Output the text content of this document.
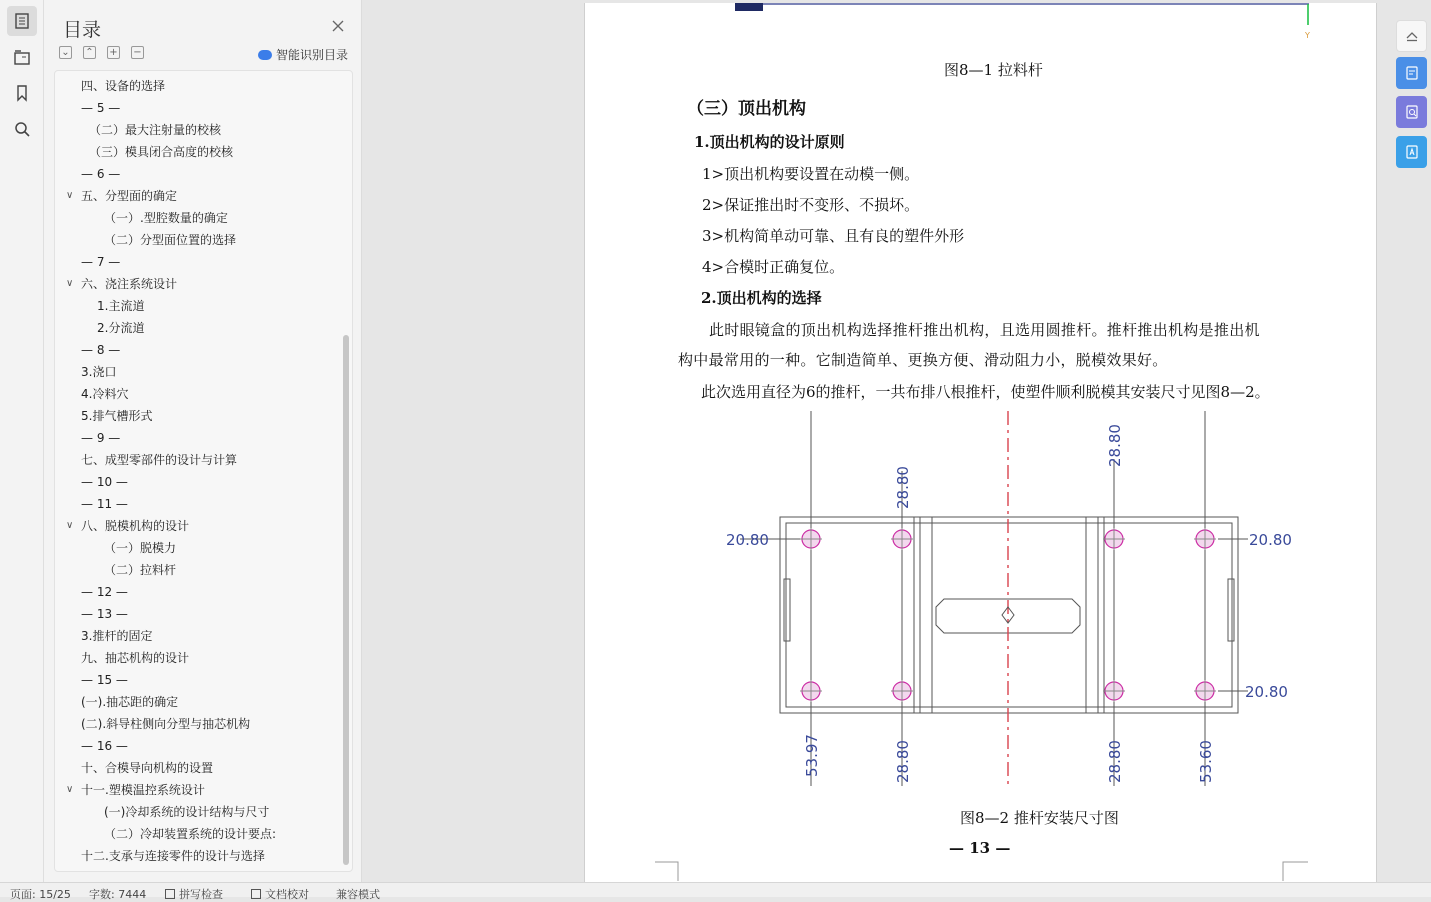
目录
⌄ ⌃ + −	智能识别目录
四、设备的选择
— 5 —
（二）最大注射量的校核
（三）模具闭合高度的校核
— 6 —
∨ 五、分型面的确定
（一）.型腔数量的确定
（二）分型面位置的选择
— 7 —
∨ 六、浇注系统设计
1.主流道
2.分流道
— 8 —
3.浇口
4.冷料穴
5.排气槽形式
— 9 —
七、成型零部件的设计与计算
— 10 —
— 11 —
∨ 八、脱模机构的设计
（一）脱模力
（二）拉料杆
— 12 —
— 13 —
3.推杆的固定
九、抽芯机构的设计
— 15 —
(一).抽芯距的确定
(二).斜导柱侧向分型与抽芯机构
— 16 —
十、合模导向机构的设置
∨ 十一.塑模温控系统设计
(一)冷却系统的设计结构与尺寸
（二）冷却装置系统的设计要点:
十二.支承与连接零件的设计与选择
Y
图8—1 拉料杆
（三）顶出机构
1.顶出机构的设计原则
1>顶出机构要设置在动模一侧。
2>保证推出时不变形、不损坏。
3>机构简单动可靠、且有良的塑件外形
4>合模时正确复位。
2.顶出机构的选择
此时眼镜盒的顶出机构选择推杆推出机构，且选用圆推杆。推杆推出机构是推出机
构中最常用的一种。它制造简单、更换方便、滑动阻力小，脱模效果好。
此次选用直径为6的推杆，一共布排八根推杆，使塑件顺利脱模其安装尺寸见图8—2。
20.80	20.80
20.80
28.80
28.80
53.97	28.80	28.80	53.60
图8—2 推杆安装尺寸图
— 13 —
页面: 15/25 字数: 7444	拼写检查	文档校对 兼容模式
